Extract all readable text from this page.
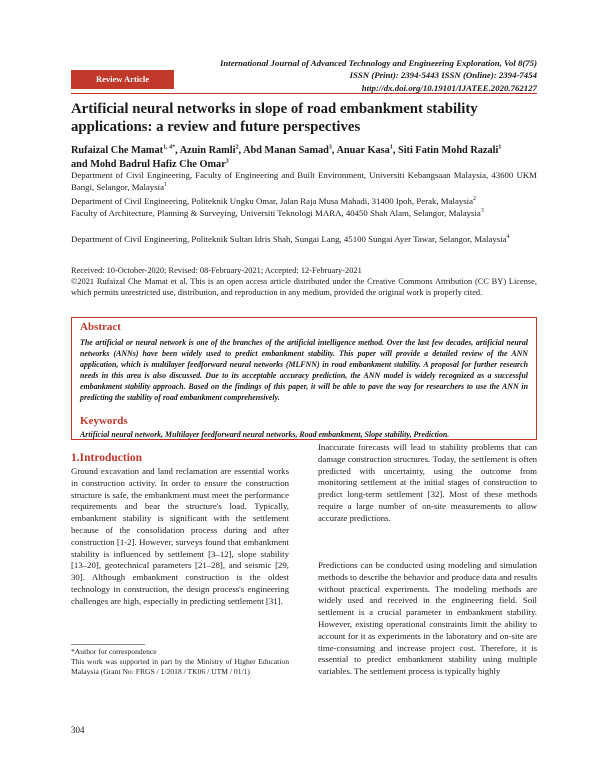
International Journal of Advanced Technology and Engineering Exploration, Vol 8(75)
ISSN (Print): 2394-5443 ISSN (Online): 2394-7454
http://dx.doi.org/10.19101/IJATEE.2020.762127
Review Article
Artificial neural networks in slope of road embankment stability applications: a review and future perspectives
Rufaizal Che Mamat$^{1, 4*}$, Azuin Ramli$^2$, Abd Manan Samad$^3$, Anuar Kasa$^1$, Siti Fatin Mohd Razali$^1$
and Mohd Badrul Hafiz Che Omar$^3$
Department of Civil Engineering, Faculty of Engineering and Built Environment, Universiti Kebangsaan Malaysia, 43600 UKM Bangi, Selangor, Malaysia$^1$
Department of Civil Engineering, Politeknik Ungku Omar, Jalan Raja Musa Mahadi, 31400 Ipoh, Perak, Malaysia$^2$
Faculty of Architecture, Planning & Surveying, Universiti Teknologi MARA, 40450 Shah Alam, Selangor, Malaysia$^3$
Department of Civil Engineering, Politeknik Sultan Idris Shah, Sungai Lang, 45100 Sungai Ayer Tawar, Selangor, Malaysia$^4$
Received: 10-October-2020; Revised: 08-February-2021; Accepted: 12-February-2021
©2021 Rufaizal Che Mamat et al. This is an open access article distributed under the Creative Commons Attribution (CC BY) License, which permits unrestricted use, distribution, and reproduction in any medium, provided the original work is properly cited.
Abstract

The artificial or neural network is one of the branches of the artificial intelligence method. Over the last few decades, artificial neural networks (ANNs) have been widely used to predict embankment stability. This paper will provide a detailed review of the ANN application, which is multilayer feedforward neural networks (MLFNN) in road embankment stability. A proposal for further research needs in this area is also discussed. Due to its acceptable accuracy prediction, the ANN model is widely recognized as a successful embankment stability approach. Based on the findings of this paper, it will be able to pave the way for researchers to use the ANN in predicting the stability of road embankment comprehensively.

Keywords
Artificial neural network, Multilayer feedforward neural networks, Road embankment, Slope stability, Prediction.
1.Introduction

Ground excavation and land reclamation are essential works in construction activity. In order to ensure the construction structure is safe, the embankment must meet the performance requirements and bear the structure's load. Typically, embankment stability is significant with the settlement because of the consolidation process during and after construction [1-2]. However, surveys found that embankment stability is influenced by settlement [3–12], slope stability [13–20], geotechnical parameters [21–28], and seismic [29, 30]. Although embankment construction is the oldest technology in construction, the design process's engineering challenges are high, especially in predicting settlement [31].

Inaccurate forecasts will lead to stability problems that can damage construction structures. Today, the settlement is often predicted with uncertainty, using the outcome from monitoring settlement at the initial stages of construction to predict long-term settlement [32]. Most of these methods require a large number of on-site measurements to allow accurate predictions.

Predictions can be conducted using modeling and simulation methods to describe the behavior and produce data and results without practical experiments. The modeling methods are widely used and received in the engineering field. Soil settlement is a crucial parameter in embankment stability. However, existing operational constraints limit the ability to account for it as experiments in the laboratory and on-site are time-consuming and increase project cost. Therefore, it is essential to predict embankment stability using multiple variables. The settlement process is typically highly

*Author for correspondence

This work was supported in part by the Ministry of Higher Education Malaysia (Grant No: FRGS / 1/2018 / TK06 / UTM / 01/1)

304
